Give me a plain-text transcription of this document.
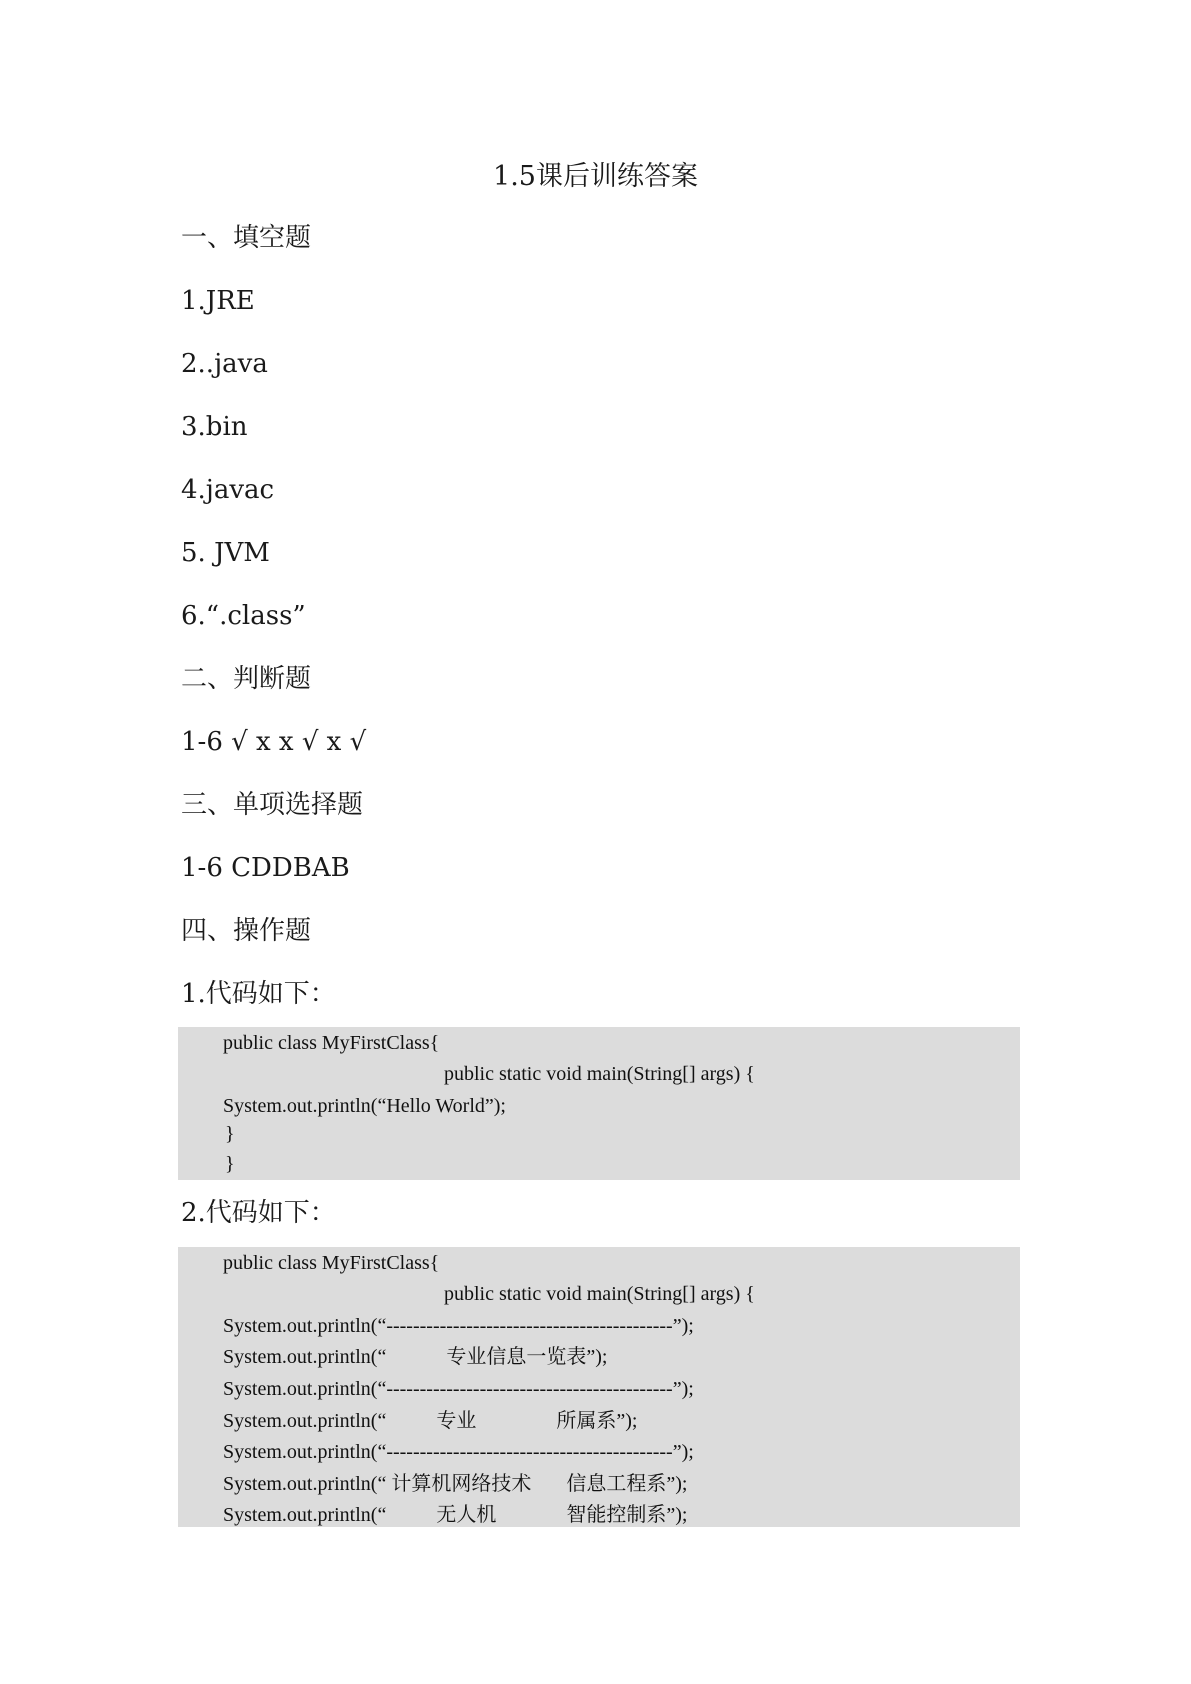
1.5课后训练答案
一、填空题
1.JRE
2..java
3.bin
4.javac
5. JVM
6.“.class”
二、判断题
1-6 √ x x √ x √
三、单项选择题
1-6 CDDBAB
四、操作题
1.代码如下：
public class MyFirstClass{
public static void main(String[] args) {
System.out.println(“Hello World”);
}
}
2.代码如下：
public class MyFirstClass{
public static void main(String[] args) {
System.out.println(“-------------------------------------------”);
System.out.println(“            专业信息一览表”);
System.out.println(“-------------------------------------------”);
System.out.println(“          专业                所属系”);
System.out.println(“-------------------------------------------”);
System.out.println(“ 计算机网络技术       信息工程系”);
System.out.println(“          无人机              智能控制系”);
